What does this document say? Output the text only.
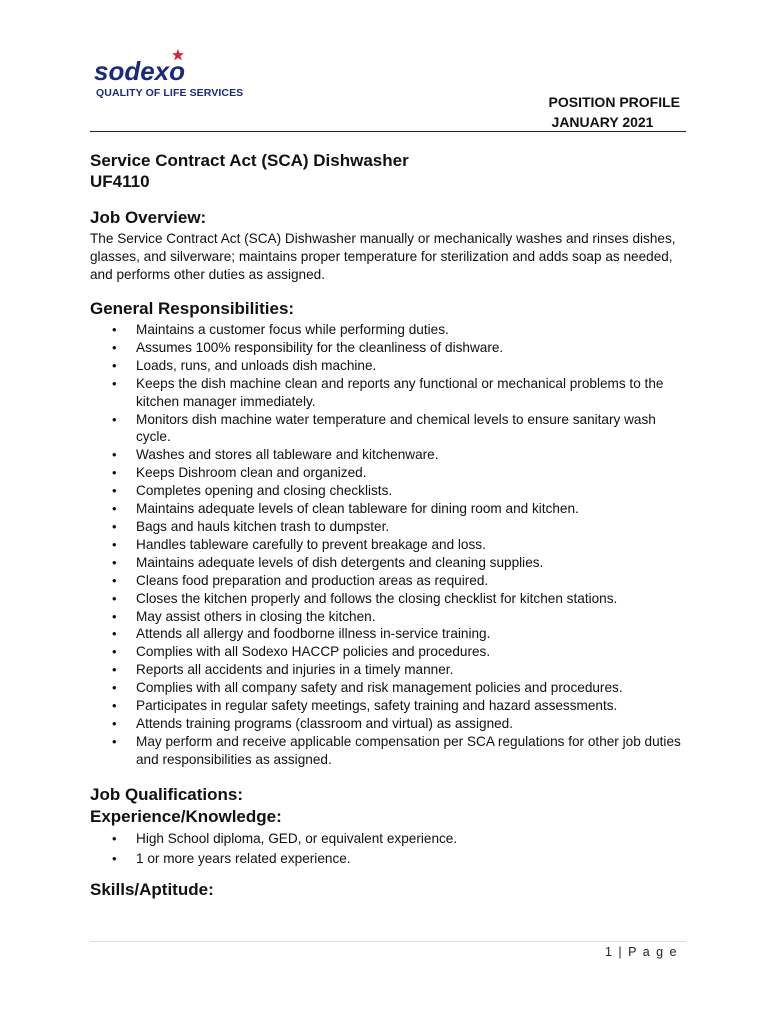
sodexo
QUALITY OF LIFE SERVICES
POSITION PROFILE
JANUARY 2021
Service Contract Act (SCA) Dishwasher
UF4110
Job Overview:

The Service Contract Act (SCA) Dishwasher manually or mechanically washes and rinses dishes, glasses, and silverware; maintains proper temperature for sterilization and adds soap as needed, and performs other duties as assigned.

General Responsibilities:
• Maintains a customer focus while performing duties.
• Assumes 100% responsibility for the cleanliness of dishware.
• Loads, runs, and unloads dish machine.
• Keeps the dish machine clean and reports any functional or mechanical problems to the kitchen manager immediately.
• Monitors dish machine water temperature and chemical levels to ensure sanitary wash cycle.
• Washes and stores all tableware and kitchenware.
• Keeps Dishroom clean and organized.
• Completes opening and closing checklists.
• Maintains adequate levels of clean tableware for dining room and kitchen.
• Bags and hauls kitchen trash to dumpster.
• Handles tableware carefully to prevent breakage and loss.
• Maintains adequate levels of dish detergents and cleaning supplies.
• Cleans food preparation and production areas as required.
• Closes the kitchen properly and follows the closing checklist for kitchen stations.
• May assist others in closing the kitchen.
• Attends all allergy and foodborne illness in-service training.
• Complies with all Sodexo HACCP policies and procedures.
• Reports all accidents and injuries in a timely manner.
• Complies with all company safety and risk management policies and procedures.
• Participates in regular safety meetings, safety training and hazard assessments.
• Attends training programs (classroom and virtual) as assigned.
• May perform and receive applicable compensation per SCA regulations for other job duties and responsibilities as assigned.
Job Qualifications:
Experience/Knowledge:
• High School diploma, GED, or equivalent experience.
• 1 or more years related experience.
Skills/Aptitude:
1 | P a g e
